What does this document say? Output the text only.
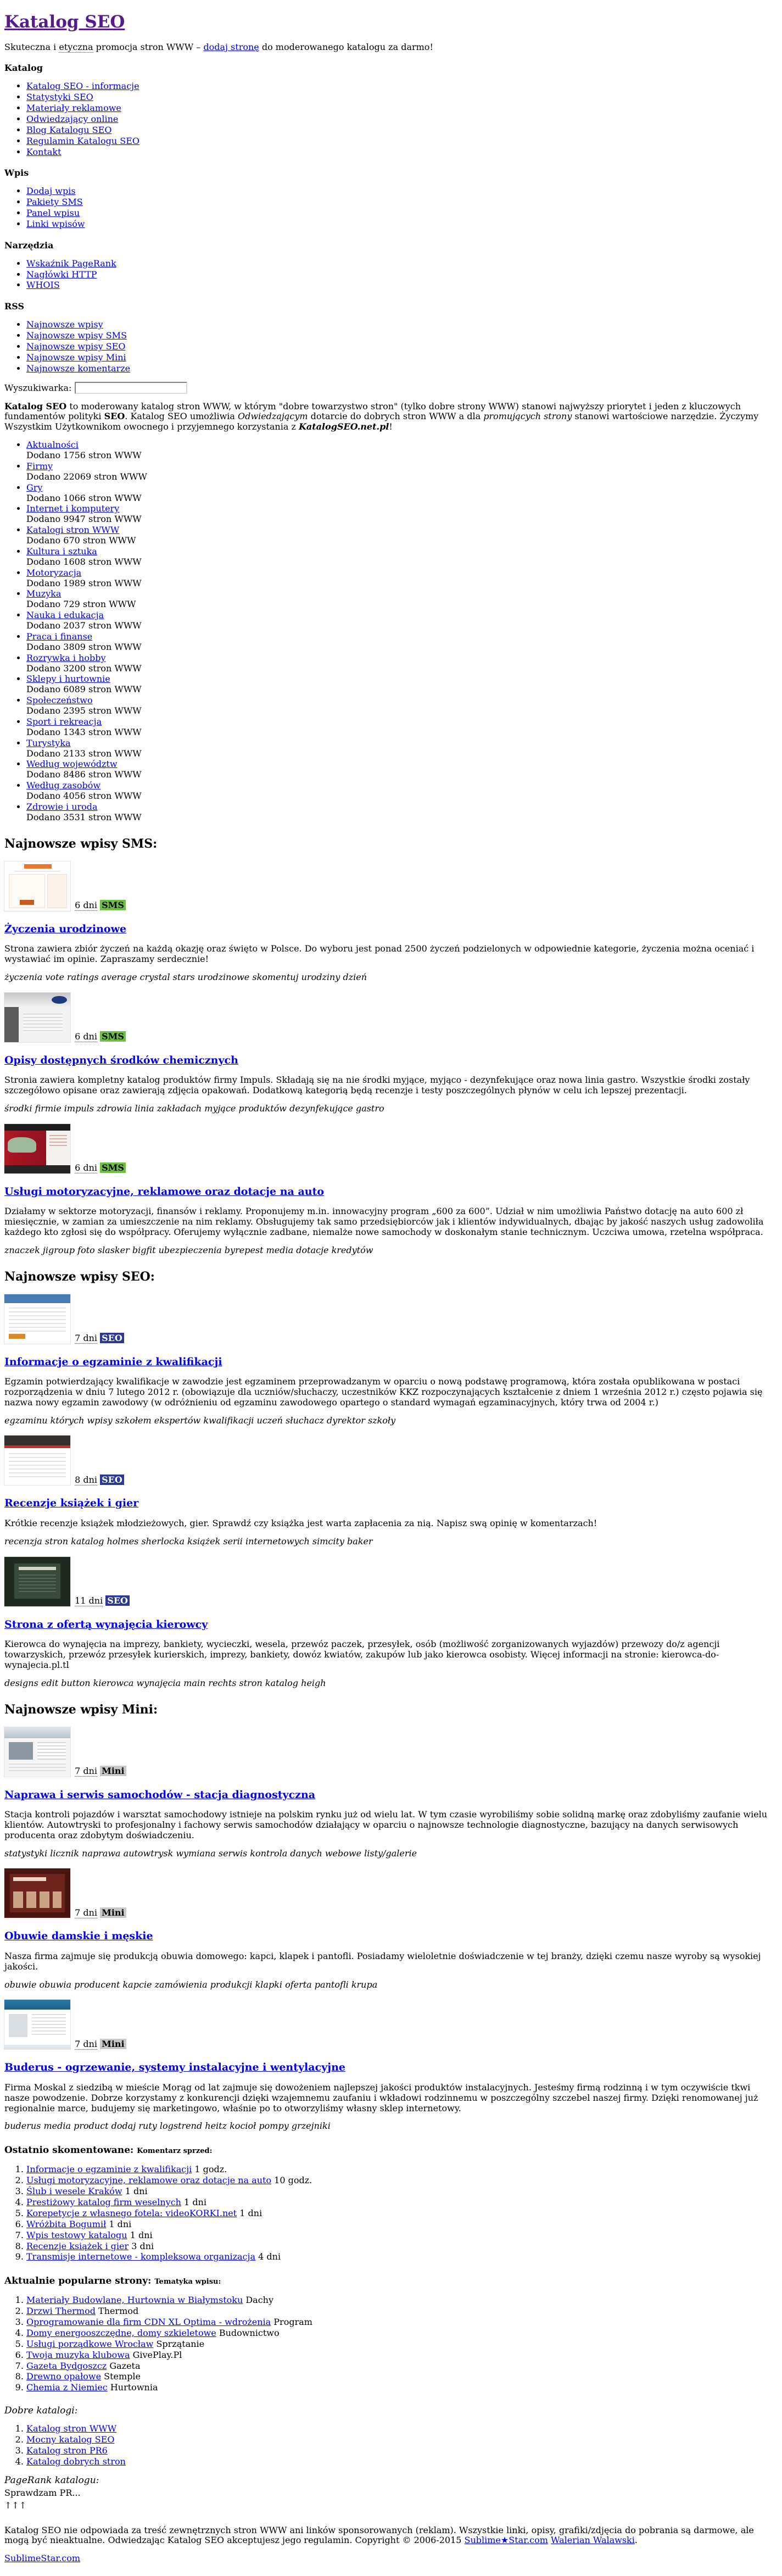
Katalog SEO

Skuteczna i etyczna promocja stron WWW – dodaj stronę do moderowanego katalogu za darmo!

Katalog
• Katalog SEO - informacje
• Statystyki SEO
• Materiały reklamowe
• Odwiedzający online
• Blog Katalogu SEO
• Regulamin Katalogu SEO
• Kontakt
Wpis
• Dodaj wpis
• Pakiety SMS
• Panel wpisu
• Linki wpisów
Narzędzia
• Wskaźnik PageRank
• Nagłówki HTTP
• WHOIS
RSS
• Najnowsze wpisy
• Najnowsze wpisy SMS
• Najnowsze wpisy SEO
• Najnowsze wpisy Mini
• Najnowsze komentarze
Wyszukiwarka:

Katalog SEO to moderowany katalog stron WWW, w którym "dobre towarzystwo stron" (tylko dobre strony WWW) stanowi najwyższy priorytet i jeden z kluczowych fundamentów polityki SEO. Katalog SEO umożliwia Odwiedzającym dotarcie do dobrych stron WWW a dla promujących strony stanowi wartościowe narzędzie. Życzymy Wszystkim Użytkownikom owocnego i przyjemnego korzystania z KatalogSEO.net.pl!

• Aktualności
Dodano 1756 stron WWW
• Firmy
Dodano 22069 stron WWW
• Gry
Dodano 1066 stron WWW
• Internet i komputery
Dodano 9947 stron WWW
• Katalogi stron WWW
Dodano 670 stron WWW
• Kultura i sztuka
Dodano 1608 stron WWW
• Motoryzacja
Dodano 1989 stron WWW
• Muzyka
Dodano 729 stron WWW
• Nauka i edukacja
Dodano 2037 stron WWW
• Praca i finanse
Dodano 3809 stron WWW
• Rozrywka i hobby
Dodano 3200 stron WWW
• Sklepy i hurtownie
Dodano 6089 stron WWW
• Społeczeństwo
Dodano 2395 stron WWW
• Sport i rekreacja
Dodano 1343 stron WWW
• Turystyka
Dodano 2133 stron WWW
• Według województw
Dodano 8486 stron WWW
• Według zasobów
Dodano 4056 stron WWW
• Zdrowie i uroda
Dodano 3531 stron WWW
Najnowsze wpisy SMS:

6 dni SMS

Życzenia urodzinowe

Strona zawiera zbiór życzeń na każdą okazję oraz święto w Polsce. Do wyboru jest ponad 2500 życzeń podzielonych w odpowiednie kategorie, życzenia można oceniać i wystawiać im opinie. Zapraszamy serdecznie!

życzenia vote ratings average crystal stars urodzinowe skomentuj urodziny dzień

6 dni SMS

Opisy dostępnych środków chemicznych

Stronia zawiera kompletny katalog produktów firmy Impuls. Składają się na nie środki myjące, myjąco - dezynfekujące oraz nowa linia gastro. Wszystkie środki zostały szczegółowo opisane oraz zawierają zdjęcia opakowań. Dodatkową kategorią będą recenzje i testy poszczególnych płynów w celu ich lepszej prezentacji.

środki firmie impuls zdrowia linia zakładach myjące produktów dezynfekujące gastro

6 dni SMS

Usługi motoryzacyjne, reklamowe oraz dotacje na auto

Działamy w sektorze motoryzacji, finansów i reklamy. Proponujemy m.in. innowacyjny program „600 za 600”. Udział w nim umożliwia Państwo dotację na auto 600 zł miesięcznie, w zamian za umieszczenie na nim reklamy. Obsługujemy tak samo przedsiębiorców jak i klientów indywidualnych, dbając by jakość naszych usług zadowoliła każdego kto zgłosi się do współpracy. Oferujemy wyłącznie zadbane, niemalże nowe samochody w doskonałym stanie technicznym. Uczciwa umowa, rzetelna współpraca.

znaczek jigroup foto slasker bigfit ubezpieczenia byrepest media dotacje kredytów

Najnowsze wpisy SEO:

7 dni SEO

Informacje o egzaminie z kwalifikacji

Egzamin potwierdzający kwalifikacje w zawodzie jest egzaminem przeprowadzanym w oparciu o nową podstawę programową, która została opublikowana w postaci rozporządzenia w dniu 7 lutego 2012 r. (obowiązuje dla uczniów/słuchaczy, uczestników KKZ rozpoczynających kształcenie z dniem 1 września 2012 r.) często pojawia się nazwa nowy egzamin zawodowy (w odróżnieniu od egzaminu zawodowego opartego o standard wymagań egzaminacyjnych, który trwa od 2004 r.)

egzaminu których wpisy szkołem ekspertów kwalifikacji uczeń słuchacz dyrektor szkoły

8 dni SEO

Recenzje książek i gier

Krótkie recenzje książek młodzieżowych, gier. Sprawdź czy książka jest warta zapłacenia za nią. Napisz swą opinię w komentarzach!

recenzja stron katalog holmes sherlocka książek serii internetowych simcity baker

11 dni SEO

Strona z ofertą wynajęcia kierowcy

Kierowca do wynajęcia na imprezy, bankiety, wycieczki, wesela, przewóz paczek, przesyłek, osób (możliwość zorganizowanych wyjazdów) przewozy do/z agencji towarzyskich, przewóz przesyłek kurierskich, imprezy, bankiety, dowóz kwiatów, zakupów lub jako kierowca osobisty. Więcej informacji na stronie: kierowca-do-wynajecia.pl.tl

designs edit button kierowca wynajęcia main rechts stron katalog heigh

Najnowsze wpisy Mini:

7 dni Mini

Naprawa i serwis samochodów - stacja diagnostyczna

Stacja kontroli pojazdów i warsztat samochodowy istnieje na polskim rynku już od wielu lat. W tym czasie wyrobiliśmy sobie solidną markę oraz zdobyliśmy zaufanie wielu klientów. Autowtryski to profesjonalny i fachowy serwis samochodów działający w oparciu o najnowsze technologie diagnostyczne, bazujący na danych serwisowych producenta oraz zdobytym doświadczeniu.

statystyki licznik naprawa autowtrysk wymiana serwis kontrola danych webowe listy/galerie

7 dni Mini

Obuwie damskie i męskie

Nasza firma zajmuje się produkcją obuwia domowego: kapci, klapek i pantofli. Posiadamy wieloletnie doświadczenie w tej branży, dzięki czemu nasze wyroby są wysokiej jakości.

obuwie obuwia producent kapcie zamówienia produkcji klapki oferta pantofli krupa

7 dni Mini

Buderus - ogrzewanie, systemy instalacyjne i wentylacyjne

Firma Moskal z siedzibą w mieście Morąg od lat zajmuje się dowożeniem najlepszej jakości produktów instalacyjnych. Jesteśmy firmą rodzinną i w tym oczywiście tkwi nasze powodzenie. Dobrze korzystamy z konkurencji dzięki wzajemnemu zaufaniu i wkładowi rodzinnemu w poszczególny szczebel naszej firmy. Dzięki renomowanej już regionalnie marce, budujemy się marketingowo, właśnie po to otworzyliśmy własny sklep internetowy.

buderus media product dodaj ruty logstrend heitz kocioł pompy grzejniki

Ostatnio skomentowane: Komentarz sprzed:

1. Informacje o egzaminie z kwalifikacji 1 godz.
2. Usługi motoryzacyjne, reklamowe oraz dotacje na auto 10 godz.
3. Ślub i wesele Kraków 1 dni
4. Prestiżowy katalog firm weselnych 1 dni
5. Korepetycje z własnego fotela: videoKORKI.net 1 dni
6. Wróżbita Bogumił 1 dni
7. Wpis testowy katalogu 1 dni
8. Recenzje książek i gier 3 dni
9. Transmisje internetowe - kompleksowa organizacja 4 dni

Aktualnie popularne strony: Tematyka wpisu:

1. Materiały Budowlane, Hurtownia w Białymstoku Dachy
2. Drzwi Thermod Thermod
3. Oprogramowanie dla firm CDN XL Optima - wdrożenia Program
4. Domy energooszczędne, domy szkieletowe Budownictwo
5. Usługi porządkowe Wrocław Sprzątanie
6. Twoja muzyka klubowa GivePlay.Pl
7. Gazeta Bydgoszcz Gazeta
8. Drewno opałowe Stemple
9. Chemia z Niemiec Hurtownia

Dobre katalogi:

1. Katalog stron WWW
2. Mocny katalog SEO
3. Katalog stron PR6
4. Katalog dobrych stron

PageRank katalogu:

Sprawdzam PR...

↑↑↑

Katalog SEO nie odpowiada za treść zewnętrznych stron WWW ani linków sponsorowanych (reklam). Wszystkie linki, opisy, grafiki/zdjęcia do pobrania są darmowe, ale mogą być nieaktualne. Odwiedzając Katalog SEO akceptujesz jego regulamin. Copyright © 2006-2015 Sublime★Star.com Walerian Walawski.

SublimeStar.com
